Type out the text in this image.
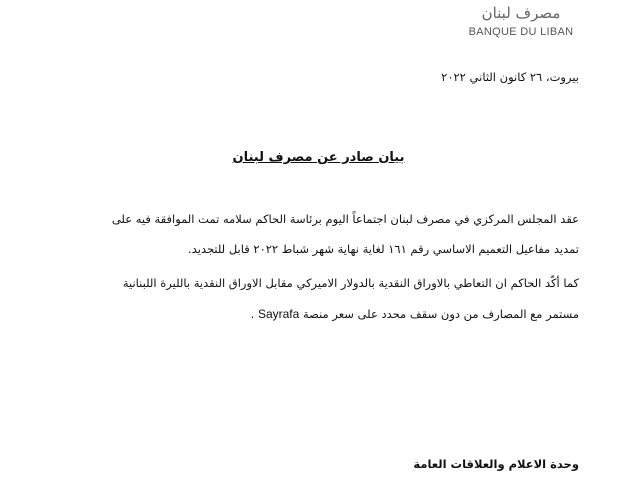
مصرف لبنان
BANQUE DU LIBAN
بيروت، ٢٦ كانون الثاني ٢٠٢٢
بيان صادر عن مصرف لبنان
عقد المجلس المركزي في مصرف لبنان اجتماعاً اليوم برئاسة الحاكم سلامه تمت الموافقة فيه على
تمديد مفاعيل التعميم الاساسي رقم ١٦١ لغاية نهاية شهر شباط ٢٠٢٢ قابل للتجديد.
كما أكّد الحاكم ان التعاطي بالاوراق النقدية بالدولار الاميركي مقابل الاوراق النقدية بالليرة اللبنانية
مستمر مع المصارف من دون سقف محدد على سعر منصة Sayrafa .
وحدة الاعلام والعلاقات العامة
